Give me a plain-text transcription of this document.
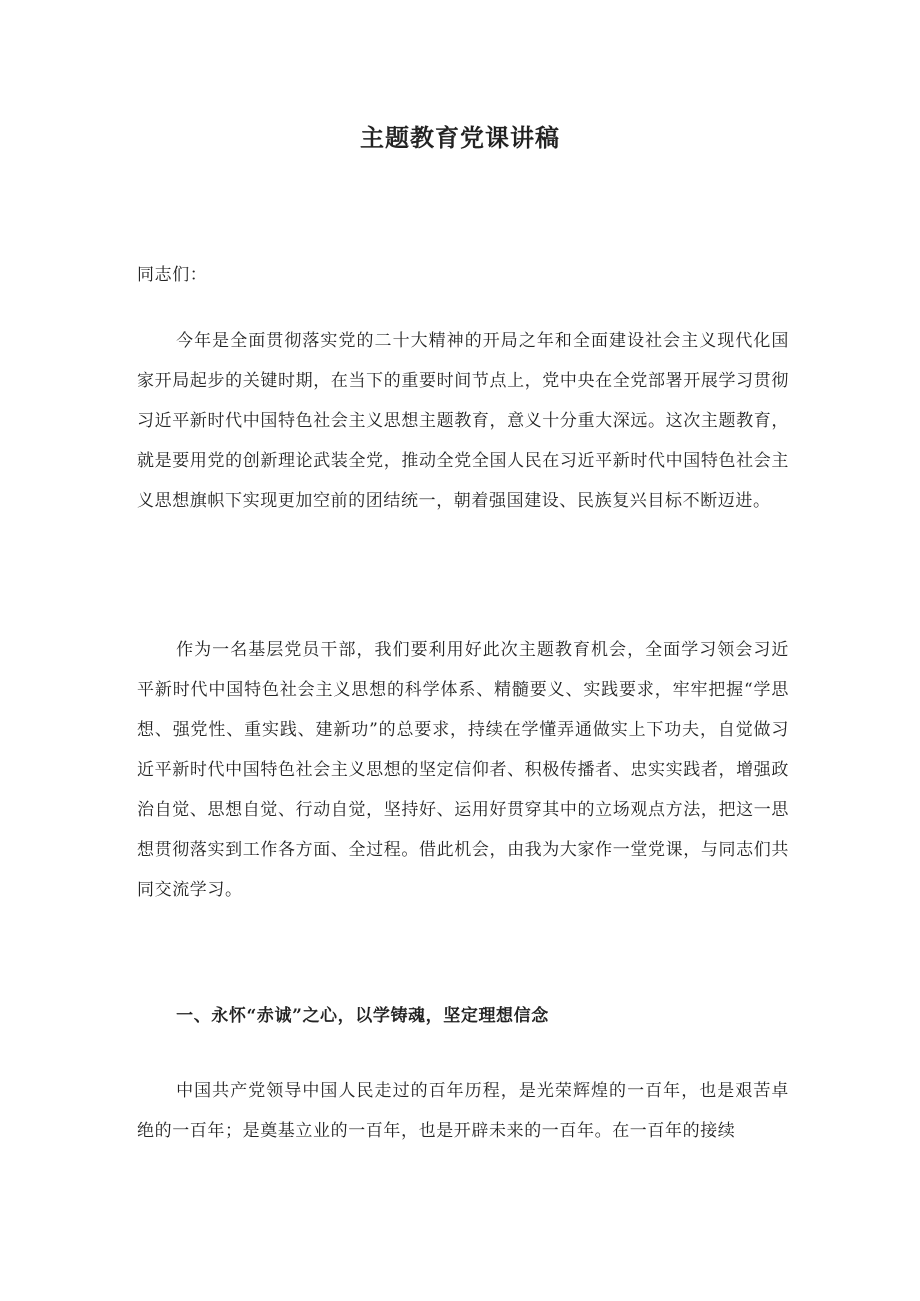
主题教育党课讲稿

同志们：

今年是全面贯彻落实党的二十大精神的开局之年和全面建设社会主义现代化国家开局起步的关键时期，在当下的重要时间节点上，党中央在全党部署开展学习贯彻习近平新时代中国特色社会主义思想主题教育，意义十分重大深远。这次主题教育，就是要用党的创新理论武装全党，推动全党全国人民在习近平新时代中国特色社会主义思想旗帜下实现更加空前的团结统一，朝着强国建设、民族复兴目标不断迈进。

作为一名基层党员干部，我们要利用好此次主题教育机会，全面学习领会习近平新时代中国特色社会主义思想的科学体系、精髓要义、实践要求，牢牢把握“学思想、强党性、重实践、建新功”的总要求，持续在学懂弄通做实上下功夫，自觉做习近平新时代中国特色社会主义思想的坚定信仰者、积极传播者、忠实实践者，增强政治自觉、思想自觉、行动自觉，坚持好、运用好贯穿其中的立场观点方法，把这一思想贯彻落实到工作各方面、全过程。借此机会，由我为大家作一堂党课，与同志们共同交流学习。

一、永怀“赤诚”之心，以学铸魂，坚定理想信念

中国共产党领导中国人民走过的百年历程，是光荣辉煌的一百年，也是艰苦卓绝的一百年；是奠基立业的一百年，也是开辟未来的一百年。在一百年的接续
